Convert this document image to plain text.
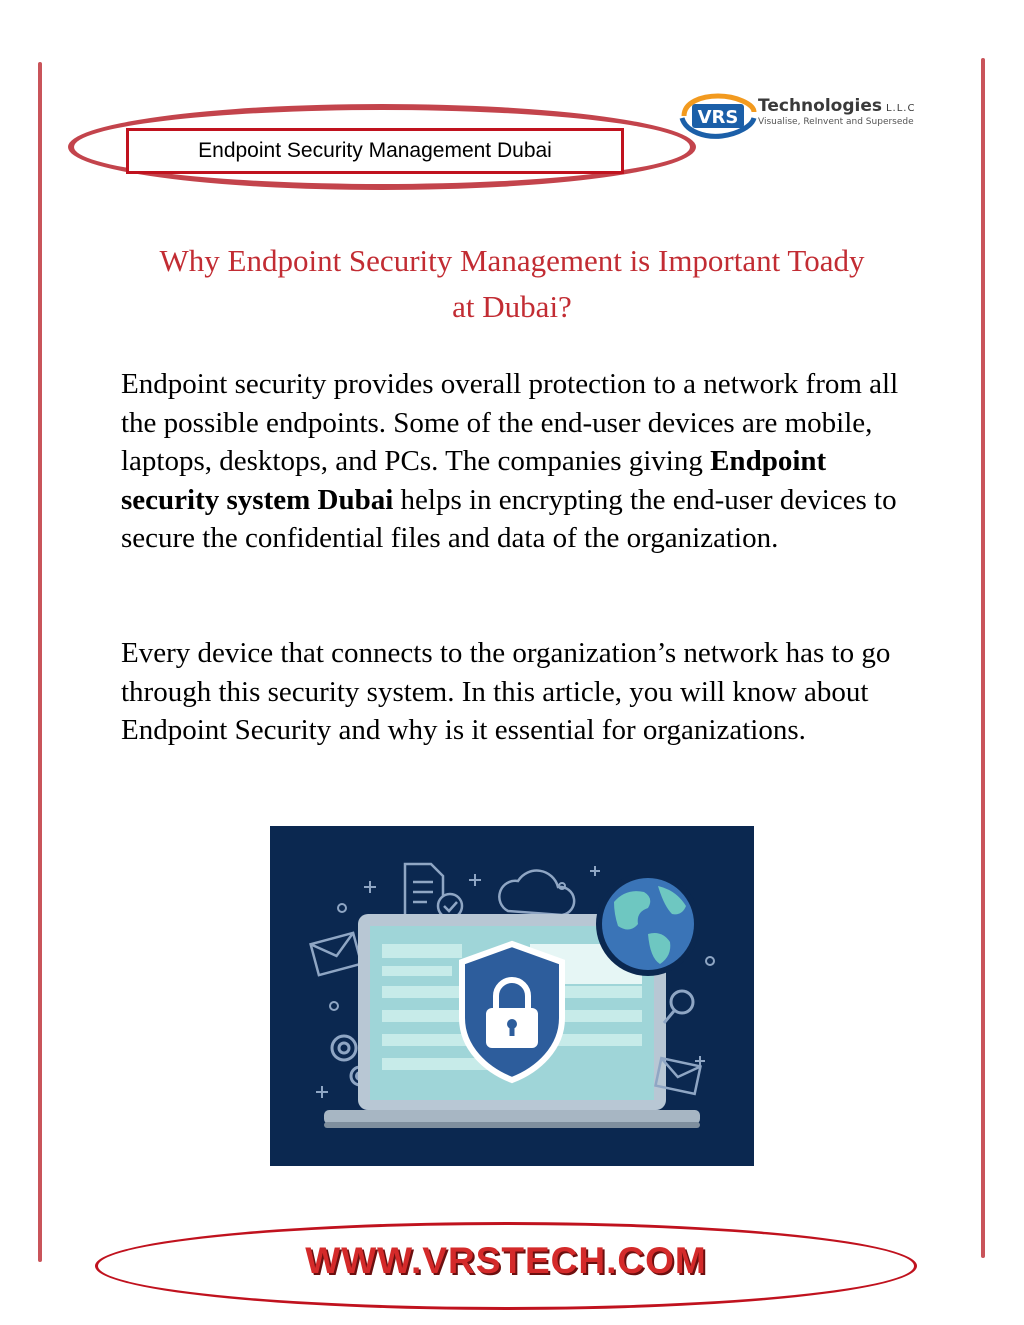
Endpoint Security Management Dubai
VRS
Technologies L.L.C
Visualise, ReInvent and Supersede
Why Endpoint Security Management is Important Toady
at Dubai?

Endpoint security provides overall protection to a network from all the possible endpoints. Some of the end-user devices are mobile, laptops, desktops, and PCs. The companies giving Endpoint security system Dubai helps in encrypting the end-user devices to secure the confidential files and data of the organization.

Every device that connects to the organization’s network has to go through this security system. In this article, you will know about Endpoint Security and why is it essential for organizations.

WWW.VRSTECH.COM
